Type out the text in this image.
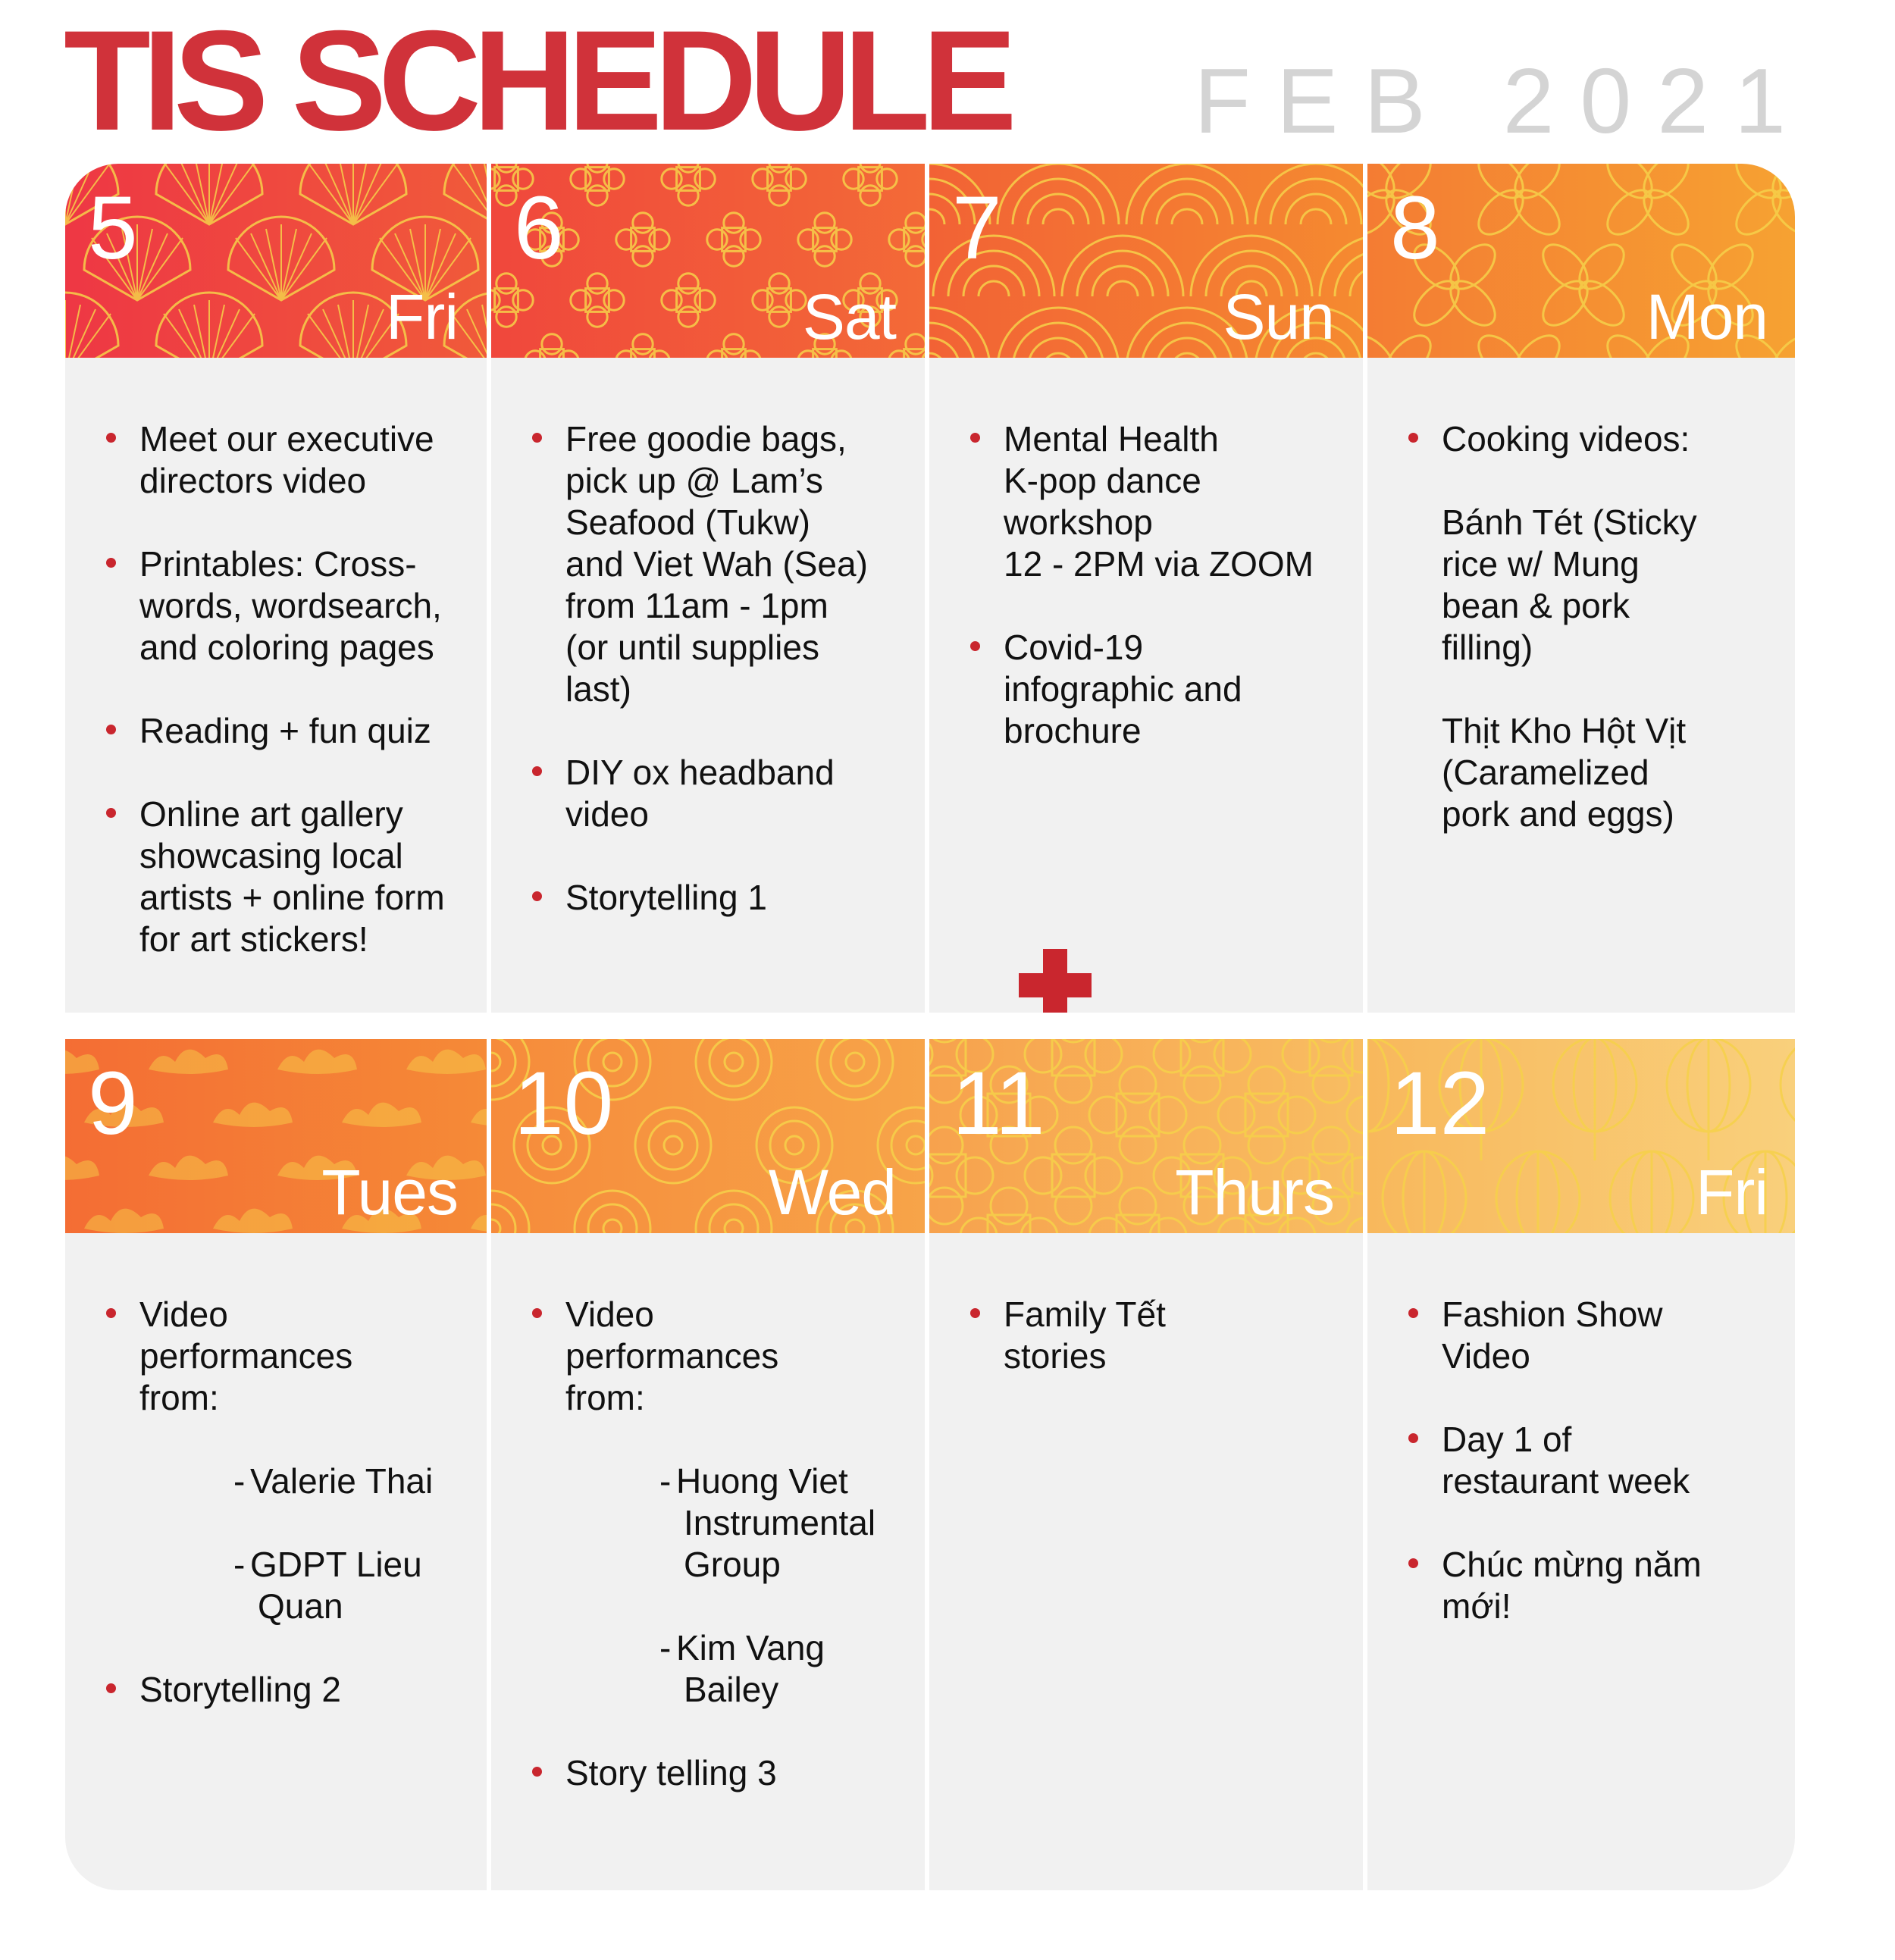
TIS SCHEDULE FEB 2021
5
Fri
Meet our executive
directors video
Printables: Cross-
words, wordsearch,
and coloring pages
Reading + fun quiz
Online art gallery
showcasing local
artists + online form
for art stickers!
6
Sat
Free goodie bags,
pick up @ Lam’s
Seafood (Tukw)
and Viet Wah (Sea)
from 11am - 1pm
(or until supplies
last)
DIY ox headband
video
Storytelling 1
7
Sun
Mental Health
K-pop dance
workshop
12 - 2PM via ZOOM
Covid-19
infographic and
brochure
8
Mon
Cooking videos:
Bánh Tét (Sticky
rice w/ Mung
bean & pork
filling)
Thịt Kho Hột Vịt
(Caramelized
pork and eggs)
9
Tues
Video
performances
from:
- Valerie Thai
- GDPT Lieu
Quan
Storytelling 2
10
Wed
Video
performances
from:
- Huong Viet
Instrumental
Group
- Kim Vang
Bailey
Story telling 3
11
Thurs
Family Tết
stories
12
Fri
Fashion Show
Video
Day 1 of
restaurant week
Chúc mừng năm
mới!
